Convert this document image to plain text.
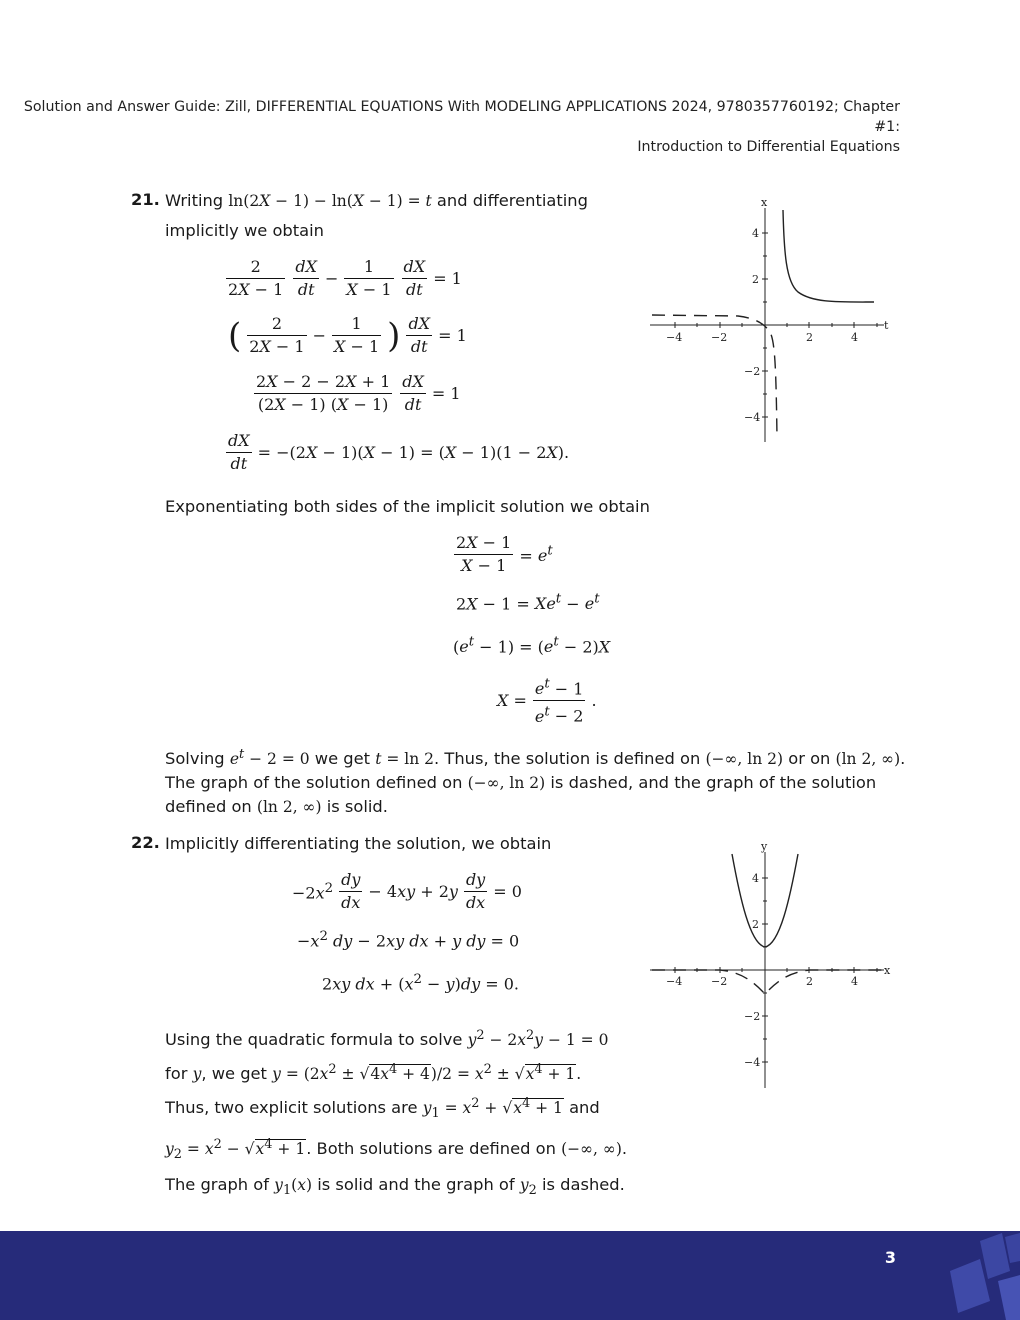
Solution and Answer Guide: Zill, DIFFERENTIAL EQUATIONS With MODELING APPLICATIONS 2024, 9780357760192; Chapter #1:
Introduction to Differential Equations
21. Writing ln(2X − 1) − ln(X − 1) = t and differentiating
implicitly we obtain
$\frac{2}{2X - 1} \frac{dX}{dt} - \frac{1}{X - 1} \frac{dX}{dt} = 1$
( $\frac{2}{2X - 1} - \frac{1}{X - 1}$ ) $\frac{dX}{dt} = 1$
$\frac{2X - 2 - 2X + 1}{(2X - 1) (X - 1)} \frac{dX}{dt} = 1$
$\frac{dX}{dt} = -(2X - 1)(X - 1) = (X - 1)(1 - 2X)$.
t
x
−4	−2	2	4
4
2
−2
−4
Exponentiating both sides of the implicit solution we obtain
$\frac{2X - 1}{X - 1} = e^t$
$2X - 1 = Xe^t - e^t$
$(e^t - 1) = (e^t - 2)X$
$X = \frac{e^t - 1}{e^t - 2}$ .
Solving $e^t - 2 = 0$ we get t = ln 2. Thus, the solution is defined on (−∞, ln 2) or on (ln 2, ∞).
The graph of the solution defined on (−∞, ln 2) is dashed, and the graph of the solution
defined on (ln 2, ∞) is solid.
22. Implicitly differentiating the solution, we obtain
$-2x^2 \frac{dy}{dx} - 4xy + 2y \frac{dy}{dx} = 0$
$-x^2$ dy − 2xy dx + y dy = 0
2xy dx + $(x^2 - y)dy = 0$.
x
y
−4	−2	2	4
4
2
−2
−4
Using the quadratic formula to solve $y^2 - 2x^2y - 1 = 0$
for y, we get $y = (2x^2 \pm √4x^4 + 4)/2 = x^2 \pm √x^4 + 1$.
Thus, two explicit solutions are $y_1 = x^2 + √x^4 + 1$ and
$y_2 = x^2 - √x^4 + 1$. Both solutions are defined on (−∞, ∞).
The graph of $y_1(x)$ is solid and the graph of $y_2$ is dashed.
3
